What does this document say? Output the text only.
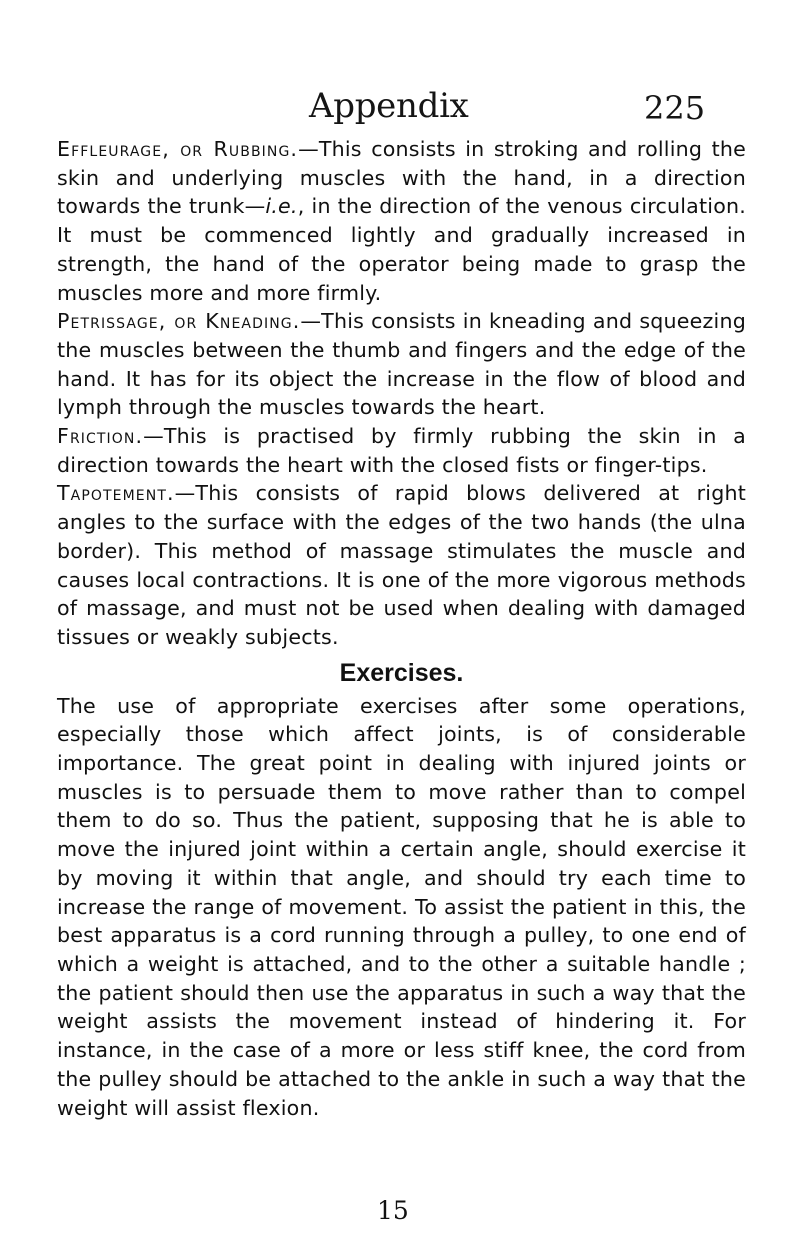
Appendix	225

Effleurage, or Rubbing.—This consists in stroking and rolling the skin and underlying muscles with the hand, in a direction towards the trunk—i.e., in the direction of the venous circulation. It must be commenced lightly and gradually increased in strength, the hand of the operator being made to grasp the muscles more and more firmly.

Petrissage, or Kneading.—This consists in kneading and squeezing the muscles between the thumb and fingers and the edge of the hand. It has for its object the increase in the flow of blood and lymph through the muscles towards the heart.

Friction.—This is practised by firmly rubbing the skin in a direction towards the heart with the closed fists or finger-tips.

Tapotement.—This consists of rapid blows delivered at right angles to the surface with the edges of the two hands (the ulna border). This method of massage stimulates the muscle and causes local contractions. It is one of the more vigorous methods of massage, and must not be used when dealing with damaged tissues or weakly subjects.

Exercises.

The use of appropriate exercises after some operations, especially those which affect joints, is of considerable importance. The great point in dealing with injured joints or muscles is to persuade them to move rather than to compel them to do so. Thus the patient, supposing that he is able to move the injured joint within a certain angle, should exercise it by moving it within that angle, and should try each time to increase the range of movement. To assist the patient in this, the best apparatus is a cord running through a pulley, to one end of which a weight is attached, and to the other a suitable handle ; the patient should then use the apparatus in such a way that the weight assists the movement instead of hindering it. For instance, in the case of a more or less stiff knee, the cord from the pulley should be attached to the ankle in such a way that the weight will assist flexion.

15
